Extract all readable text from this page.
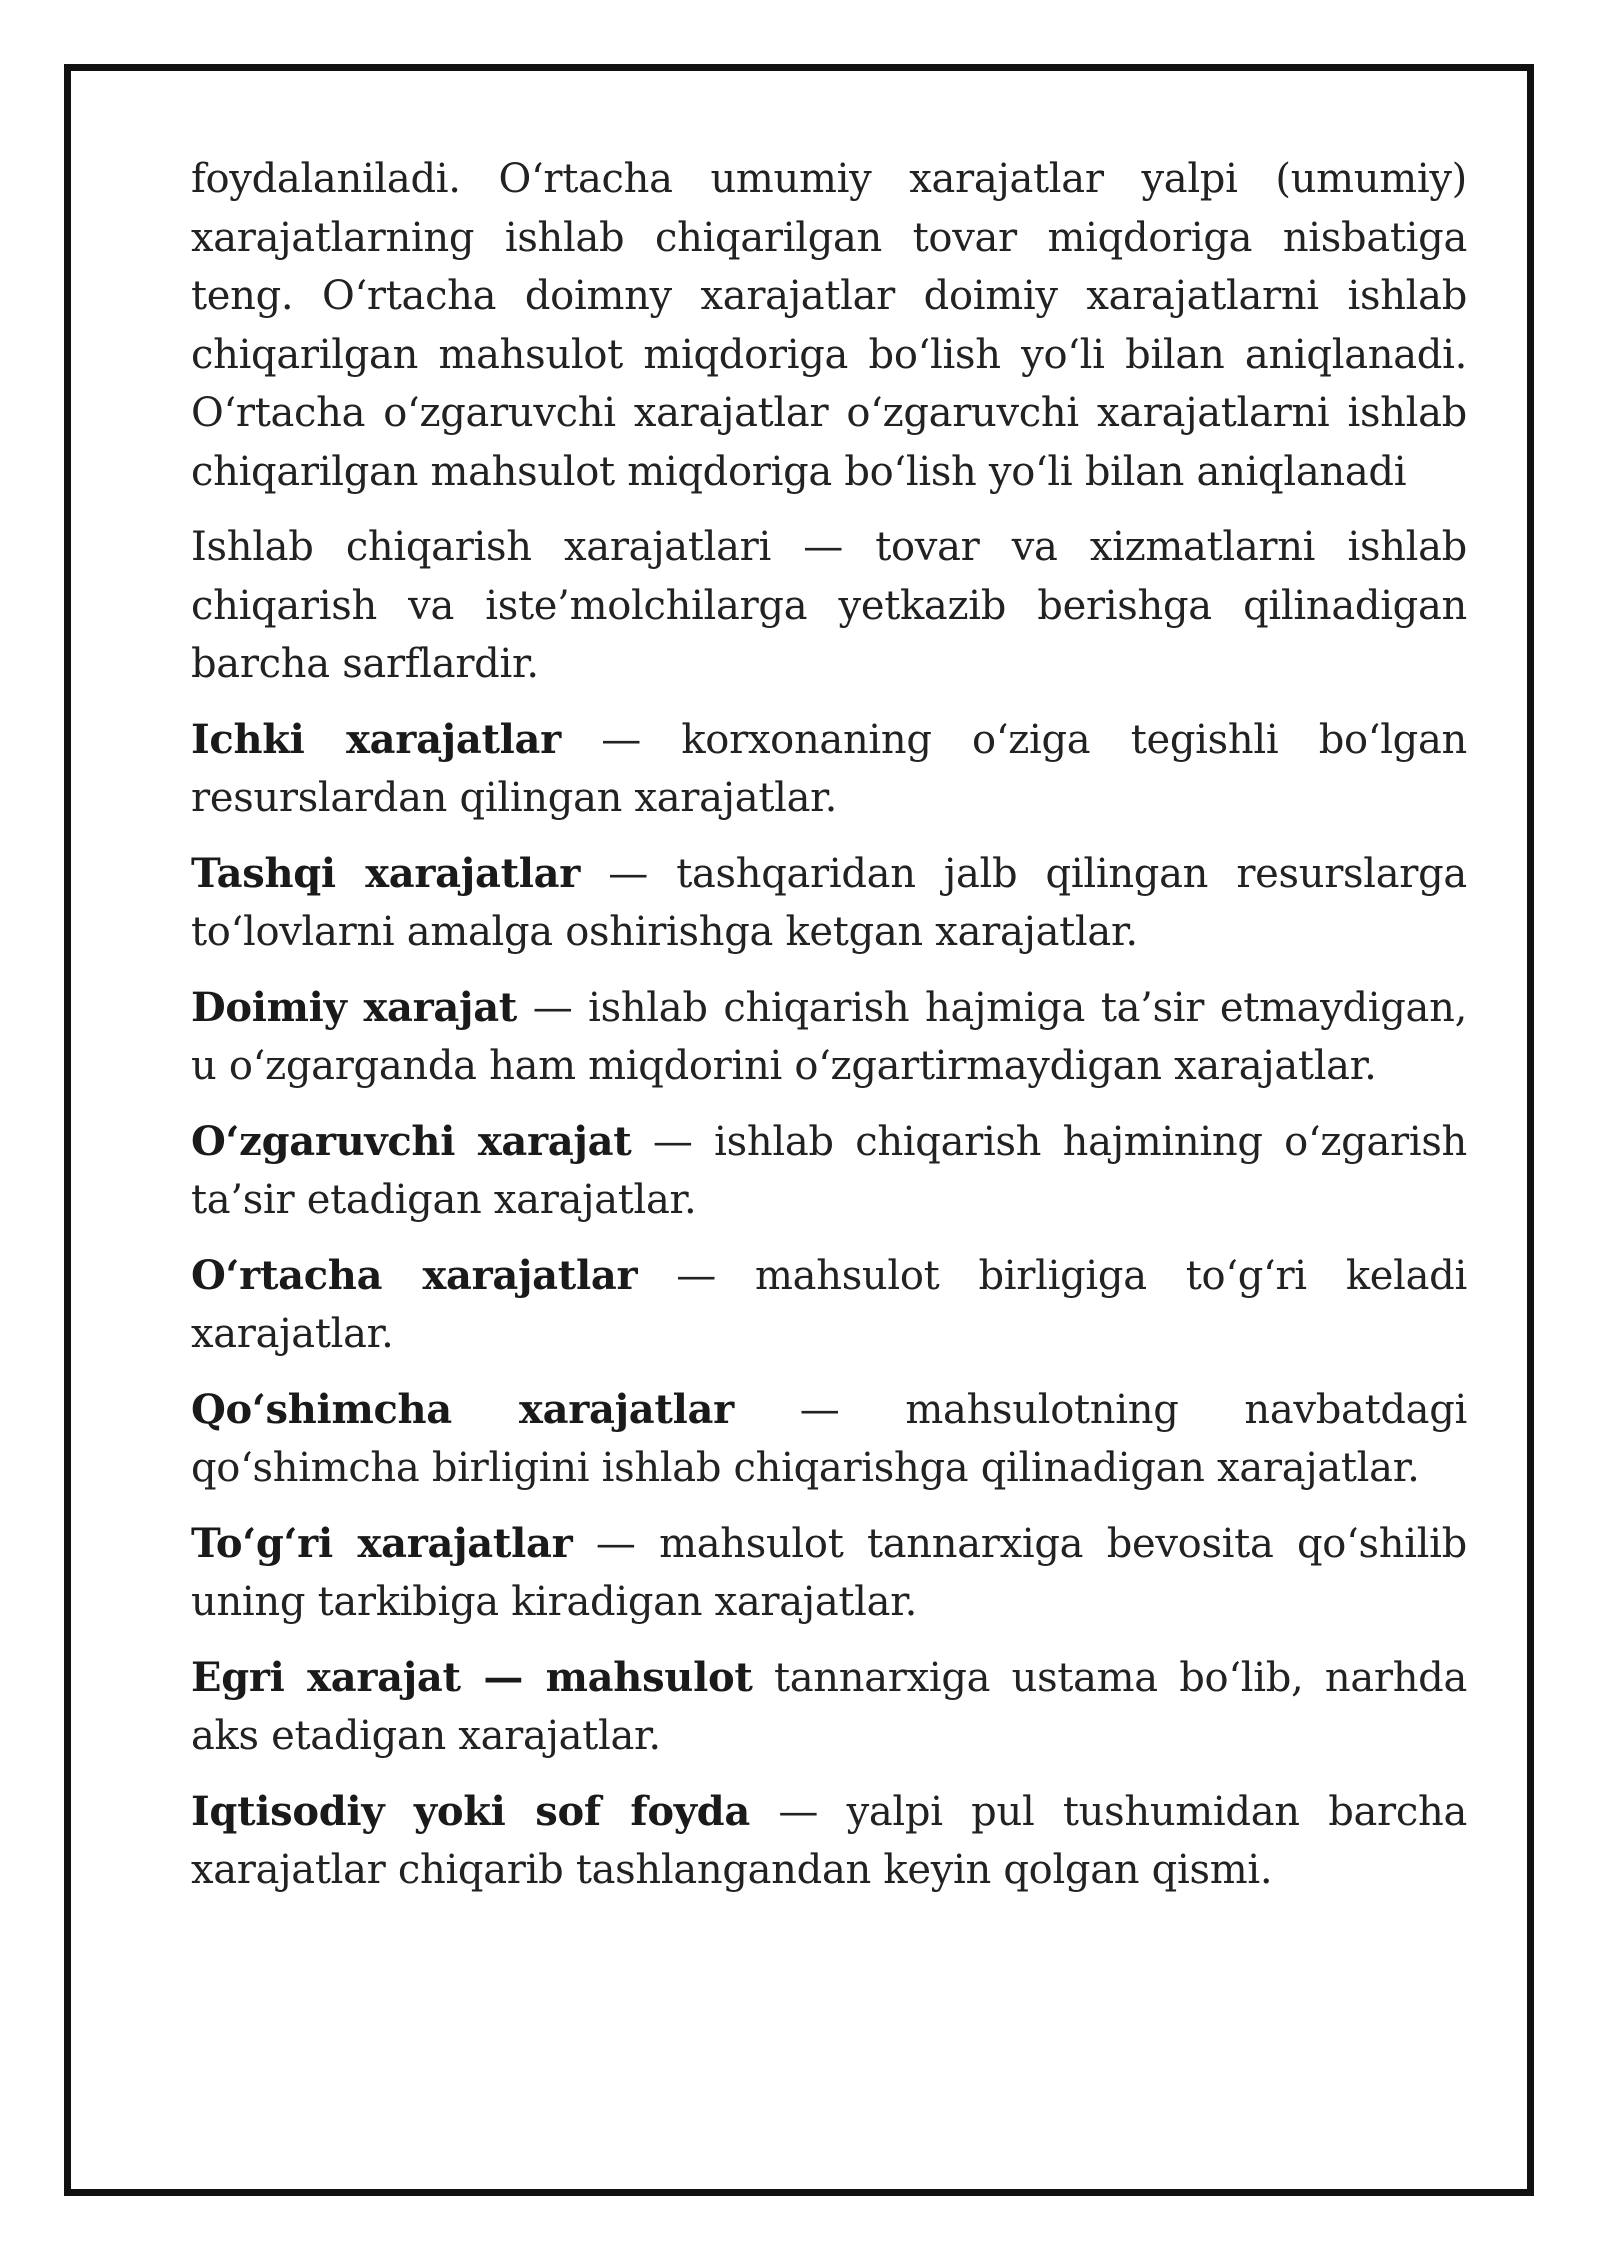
foydalaniladi. O‘rtacha umumiy xarajatlar yalpi (umumiy) xarajatlarning ishlab chiqarilgan tovar miqdoriga nisbatiga teng. O‘rtacha doimny xarajatlar doimiy xarajatlarni ishlab chiqarilgan mahsulot miqdoriga bo‘lish yo‘li bilan aniqlanadi. O‘rtacha o‘zgaruvchi xarajatlar o‘zgaruvchi xarajatlarni ishlab chiqarilgan mahsulot miqdoriga bo‘lish yo‘li bilan aniqlanadi

Ishlab chiqarish xarajatlari — tovar va xizmatlarni ishlab chiqarish va iste’molchilarga yetkazib berishga qilinadigan barcha sarflardir.

Ichki xarajatlar — korxonaning o‘ziga tegishli bo‘lgan resurslardan qilingan xarajatlar.

Tashqi xarajatlar — tashqaridan jalb qilingan resurslarga to‘lovlarni amalga oshirishga ketgan xarajatlar.

Doimiy xarajat — ishlab chiqarish hajmiga ta’sir etmaydigan, u o‘zgarganda ham miqdorini o‘zgartirmaydigan xarajatlar.

O‘zgaruvchi xarajat — ishlab chiqarish hajmining o‘zgarish ta’sir etadigan xarajatlar.

O‘rtacha xarajatlar — mahsulot birligiga to‘g‘ri keladi xarajatlar.

Qo‘shimcha xarajatlar — mahsulotning navbatdagi qo‘shimcha birligini ishlab chiqarishga qilinadigan xarajatlar.

To‘g‘ri xarajatlar — mahsulot tannarxiga bevosita qo‘shilib uning tarkibiga kiradigan xarajatlar.

Egri xarajat — mahsulot tannarxiga ustama bo‘lib, narhda aks etadigan xarajatlar.

Iqtisodiy yoki sof foyda — yalpi pul tushumidan barcha xarajatlar chiqarib tashlangandan keyin qolgan qismi.
